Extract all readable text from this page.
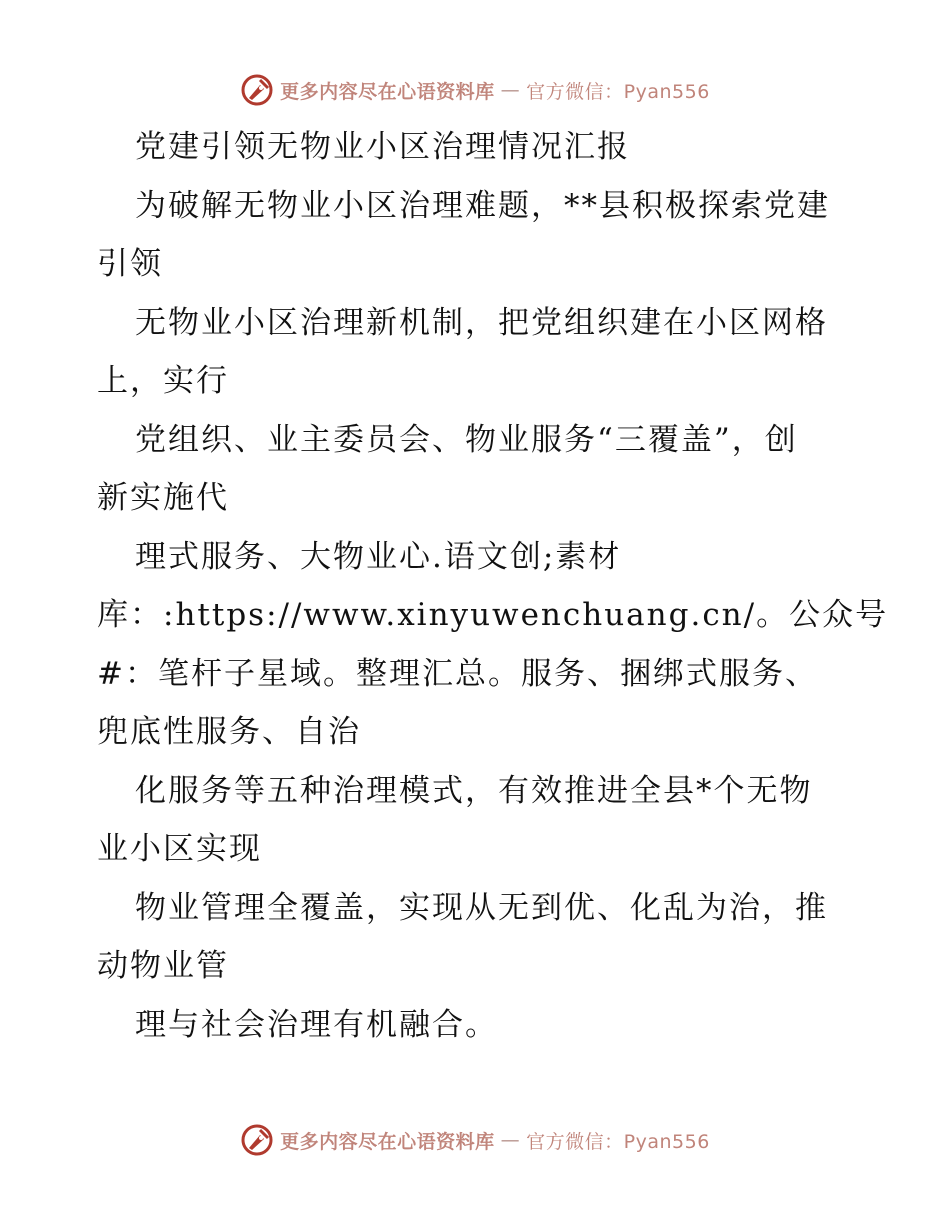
更多内容尽在心语资料库 — 官方微信：Pyan556
党建引领无物业小区治理情况汇报
为破解无物业小区治理难题，**县积极探索党建
引领
无物业小区治理新机制，把党组织建在小区网格
上，实行
党组织、业主委员会、物业服务“三覆盖”，创
新实施代
理式服务、大物业心.语文创;素材
库：:https://www.xinyuwenchuang.cn/。公众号
#：笔杆子星域。整理汇总。服务、捆绑式服务、
兜底性服务、自治
化服务等五种治理模式，有效推进全县*个无物
业小区实现
物业管理全覆盖，实现从无到优、化乱为治，推
动物业管
理与社会治理有机融合。
更多内容尽在心语资料库 — 官方微信：Pyan556
